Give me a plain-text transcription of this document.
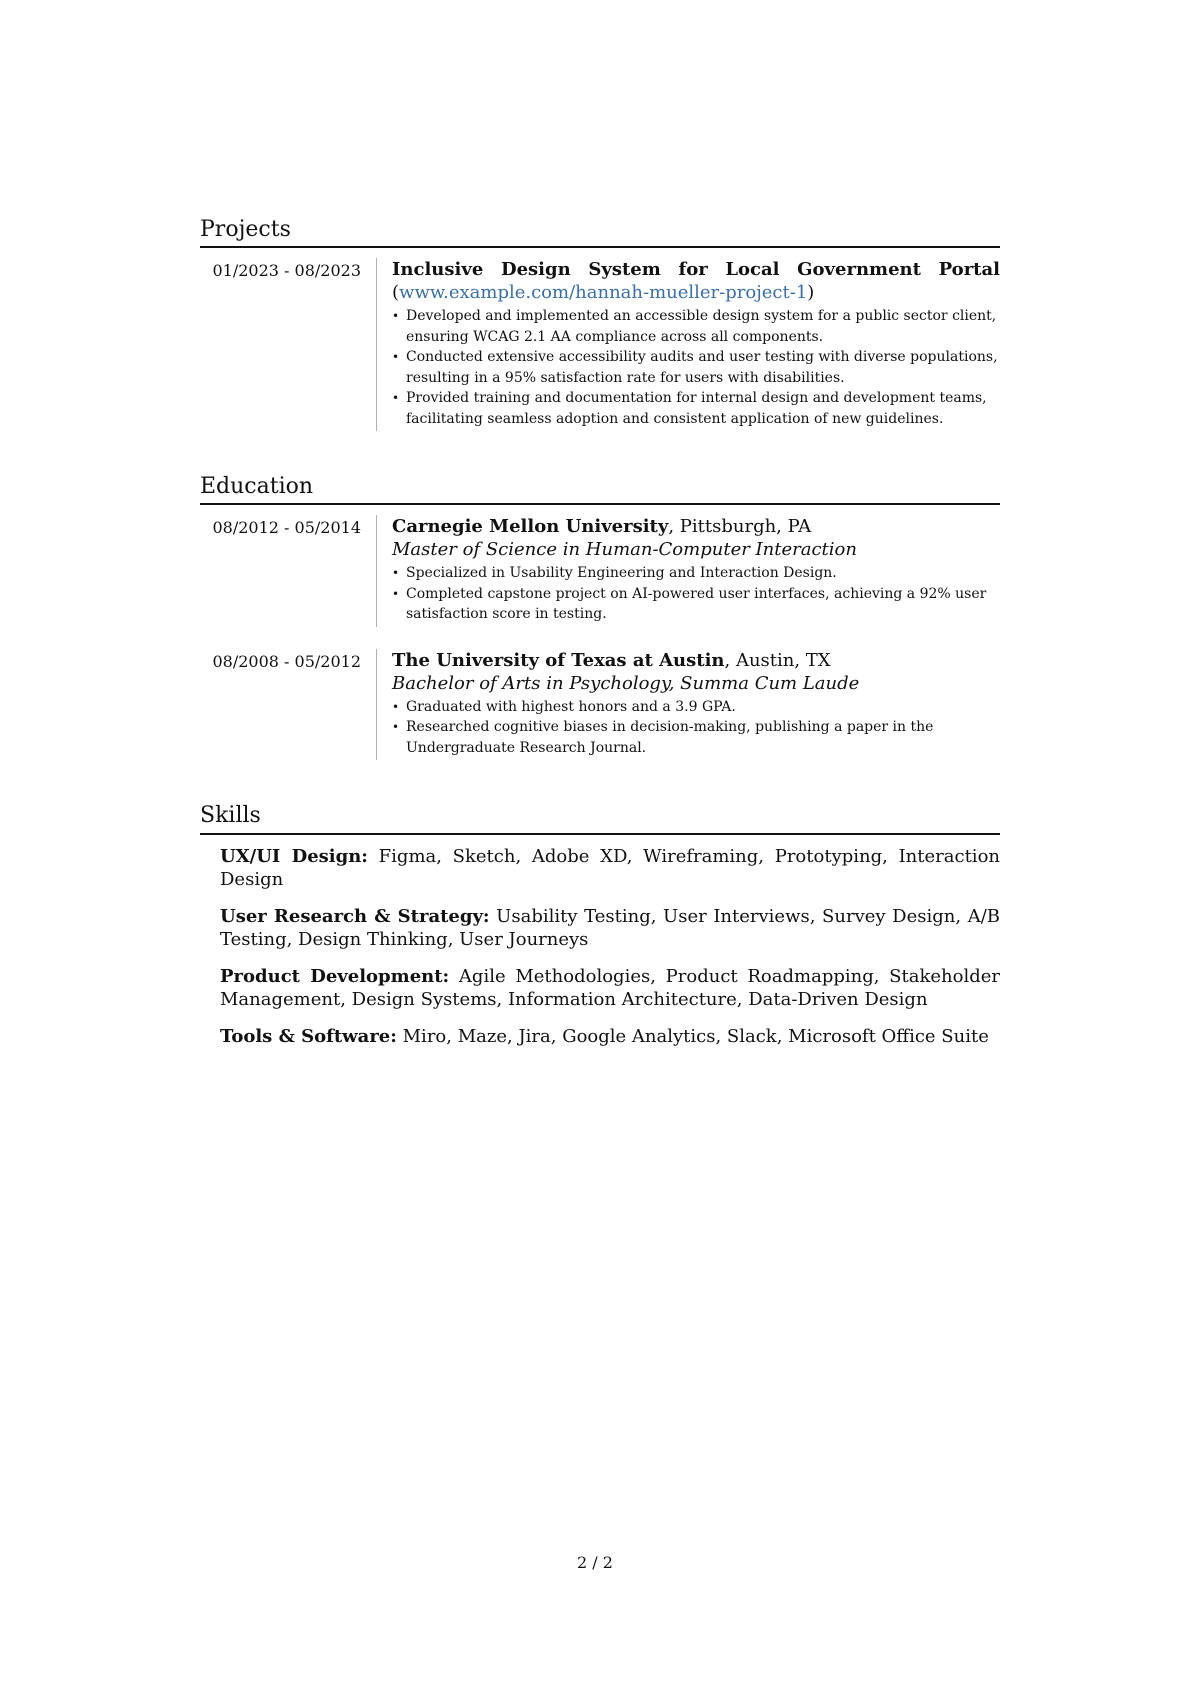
Projects
01/2023 - 08/2023	Inclusive Design System for Local Government Portal
(www.example.com/hannah-mueller-project-1)
• Developed and implemented an accessible design system for a public sector client, ensuring WCAG 2.1 AA compliance across all components.
• Conducted extensive accessibility audits and user testing with diverse populations, resulting in a 95% satisfaction rate for users with disabilities.
• Provided training and documentation for internal design and development teams, facilitating seamless adoption and consistent application of new guidelines.
Education
08/2012 - 05/2014	Carnegie Mellon University, Pittsburgh, PA
Master of Science in Human-Computer Interaction
• Specialized in Usability Engineering and Interaction Design.
• Completed capstone project on AI-powered user interfaces, achieving a 92% user satisfaction score in testing.
08/2008 - 05/2012	The University of Texas at Austin, Austin, TX
Bachelor of Arts in Psychology, Summa Cum Laude
• Graduated with highest honors and a 3.9 GPA.
• Researched cognitive biases in decision-making, publishing a paper in the Undergraduate Research Journal.
Skills
UX/UI Design: Figma, Sketch, Adobe XD, Wireframing, Prototyping, Interaction Design
User Research & Strategy: Usability Testing, User Interviews, Survey Design, A/B Testing, Design Thinking, User Journeys
Product Development: Agile Methodologies, Product Roadmapping, Stakeholder Management, Design Systems, Information Architecture, Data-Driven Design
Tools & Software: Miro, Maze, Jira, Google Analytics, Slack, Microsoft Office Suite
2 / 2
